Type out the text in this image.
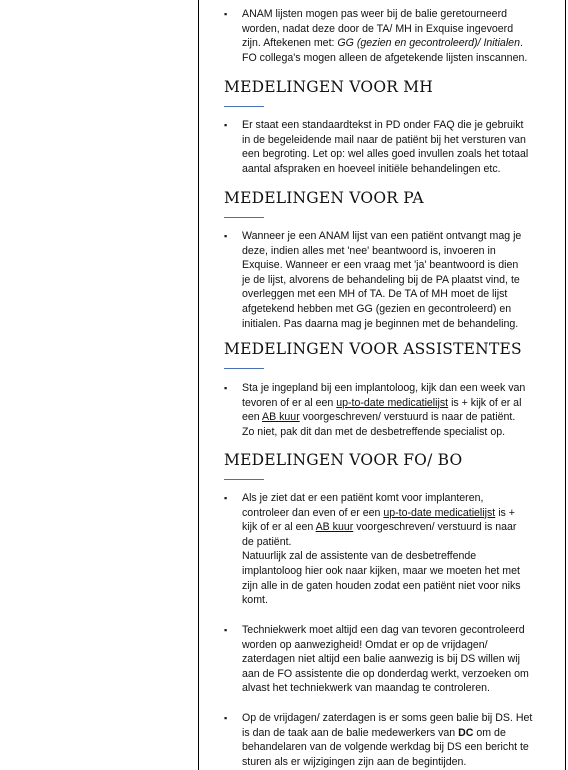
▪ ANAM lijsten mogen pas weer bij de balie geretourneerd
worden, nadat deze door de TA/ MH in Exquise ingevoerd
zijn. Aftekenen met: GG (gezien en gecontroleerd)/ Initialen.
FO collega's mogen alleen de afgetekende lijsten inscannen.
MEDELINGEN VOOR MH
▪ Er staat een standaardtekst in PD onder FAQ die je gebruikt
in de begeleidende mail naar de patiënt bij het versturen van
een begroting. Let op: wel alles goed invullen zoals het totaal
aantal afspraken en hoeveel initiële behandelingen etc.
MEDELINGEN VOOR PA
▪ Wanneer je een ANAM lijst van een patiënt ontvangt mag je
deze, indien alles met 'nee' beantwoord is, invoeren in
Exquise. Wanneer er een vraag met 'ja' beantwoord is dien
je de lijst, alvorens de behandeling bij de PA plaatst vind, te
overleggen met een MH of TA. De TA of MH moet de lijst
afgetekend hebben met GG (gezien en gecontroleerd) en
initialen. Pas daarna mag je beginnen met de behandeling.
MEDELINGEN VOOR ASSISTENTES
▪ Sta je ingepland bij een implantoloog, kijk dan een week van
tevoren of er al een up-to-date medicatielijst is + kijk of er al
een AB kuur voorgeschreven/ verstuurd is naar de patiënt.
Zo niet, pak dit dan met de desbetreffende specialist op.
MEDELINGEN VOOR FO/ BO
▪ Als je ziet dat er een patiënt komt voor implanteren,
controleer dan even of er een up-to-date medicatielijst is +
kijk of er al een AB kuur voorgeschreven/ verstuurd is naar
de patiënt.
Natuurlijk zal de assistente van de desbetreffende
implantoloog hier ook naar kijken, maar we moeten het met
zijn alle in de gaten houden zodat een patiënt niet voor niks
komt.
▪ Techniekwerk moet altijd een dag van tevoren gecontroleerd
worden op aanwezigheid! Omdat er op de vrijdagen/
zaterdagen niet altijd een balie aanwezig is bij DS willen wij
aan de FO assistente die op donderdag werkt, verzoeken om
alvast het techniekwerk van maandag te controleren.
▪ Op de vrijdagen/ zaterdagen is er soms geen balie bij DS. Het
is dan de taak aan de balie medewerkers van DC om de
behandelaren van de volgende werkdag bij DS een bericht te
sturen als er wijzigingen zijn aan de begintijden.
